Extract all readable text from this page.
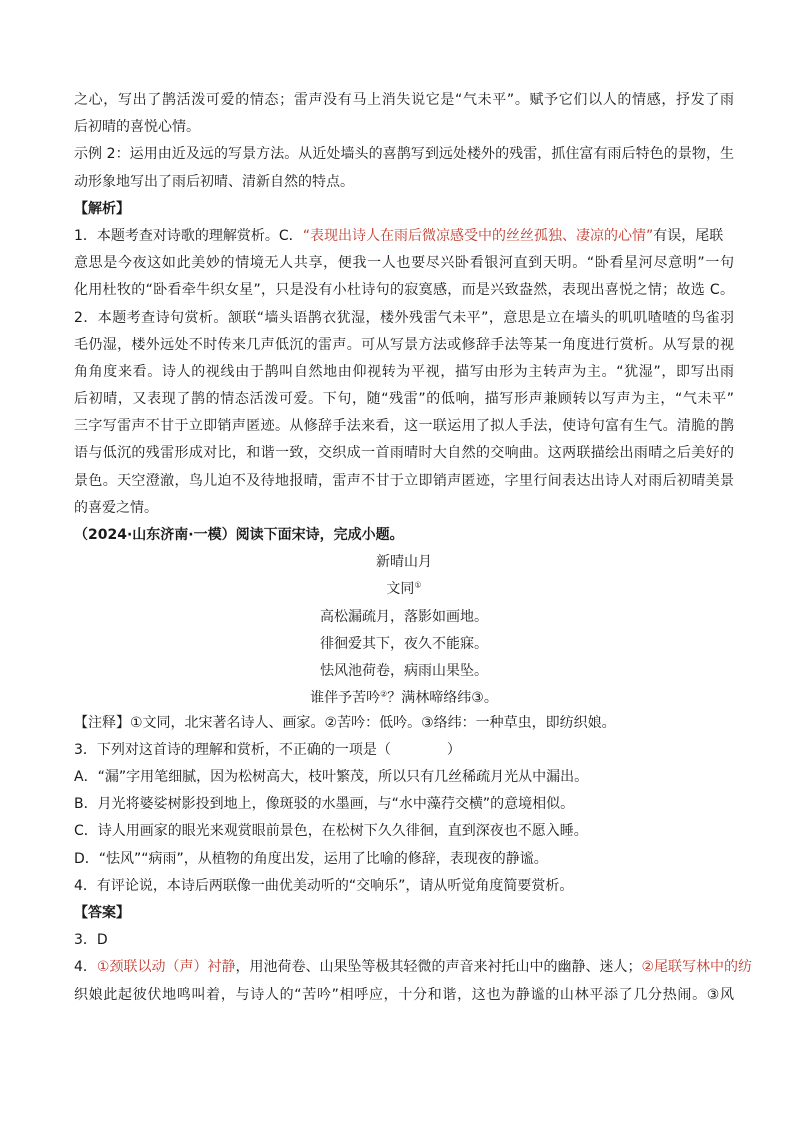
之心，写出了鹊活泼可爱的情态；雷声没有马上消失说它是“气未平”。赋予它们以人的情感，抒发了雨
后初晴的喜悦心情。
示例 2：运用由近及远的写景方法。从近处墙头的喜鹊写到远处楼外的残雷，抓住富有雨后特色的景物，生
动形象地写出了雨后初晴、清新自然的特点。
【解析】
1．本题考查对诗歌的理解赏析。C．“表现出诗人在雨后微凉感受中的丝丝孤独、凄凉的心情”有误，尾联
意思是今夜这如此美妙的情境无人共享，便我一人也要尽兴卧看银河直到天明。“卧看星河尽意明”一句
化用杜牧的“卧看牵牛织女星”，只是没有小杜诗句的寂寞感，而是兴致盎然，表现出喜悦之情；故选 C。
2．本题考查诗句赏析。颔联“墙头语鹊衣犹湿，楼外残雷气未平”，意思是立在墙头的叽叽喳喳的鸟雀羽
毛仍湿，楼外远处不时传来几声低沉的雷声。可从写景方法或修辞手法等某一角度进行赏析。从写景的视
角角度来看。诗人的视线由于鹊叫自然地由仰视转为平视，描写由形为主转声为主。“犹湿”，即写出雨
后初晴，又表现了鹊的情态活泼可爱。下句，随“残雷”的低响，描写形声兼顾转以写声为主，“气未平”
三字写雷声不甘于立即销声匿迹。从修辞手法来看，这一联运用了拟人手法，使诗句富有生气。清脆的鹊
语与低沉的残雷形成对比，和谐一致，交织成一首雨晴时大自然的交响曲。这两联描绘出雨晴之后美好的
景色。天空澄澈，鸟儿迫不及待地报晴，雷声不甘于立即销声匿迹，字里行间表达出诗人对雨后初晴美景
的喜爱之情。
（2024·山东济南·一模）阅读下面宋诗，完成小题。
新晴山月
文同①
高松漏疏月，落影如画地。
徘徊爱其下，夜久不能寐。
怯风池荷卷，病雨山果坠。
谁伴予苦吟②？满林啼络纬③。
【注释】①文同，北宋著名诗人、画家。②苦吟：低吟。③络纬：一种草虫，即纺织娘。
3．下列对这首诗的理解和赏析，不正确的一项是（	）
A．“漏”字用笔细腻，因为松树高大，枝叶繁茂，所以只有几丝稀疏月光从中漏出。
B．月光将婆娑树影投到地上，像斑驳的水墨画，与“水中藻荇交横”的意境相似。
C．诗人用画家的眼光来观赏眼前景色，在松树下久久徘徊，直到深夜也不愿入睡。
D．“怯风”“病雨”，从植物的角度出发，运用了比喻的修辞，表现夜的静谧。
4．有评论说，本诗后两联像一曲优美动听的“交响乐”，请从听觉角度简要赏析。
【答案】
3．D
4．①颈联以动（声）衬静，用池荷卷、山果坠等极其轻微的声音来衬托山中的幽静、迷人；②尾联写林中的纺
织娘此起彼伏地鸣叫着，与诗人的“苦吟”相呼应，十分和谐，这也为静谧的山林平添了几分热闹。③风
